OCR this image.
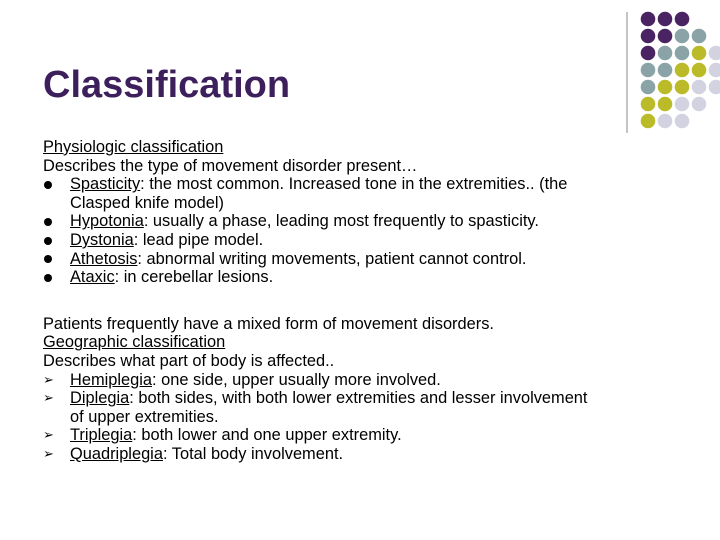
Classification
Physiologic classification
Describes the type of movement disorder present…
Spasticity: the most common. Increased tone in the extremities.. (the
Clasped knife model)
Hypotonia: usually a phase, leading most frequently to spasticity.
Dystonia: lead pipe model.
Athetosis: abnormal writing movements, patient cannot control.
Ataxic: in cerebellar lesions.
Patients frequently have a mixed form of movement disorders.
Geographic classification
Describes what part of body is affected..
➢ Hemiplegia: one side, upper usually more involved.
➢ Diplegia: both sides, with both lower extremities and lesser involvement
of upper extremities.
➢ Triplegia: both lower and one upper extremity.
➢ Quadriplegia: Total body involvement.
